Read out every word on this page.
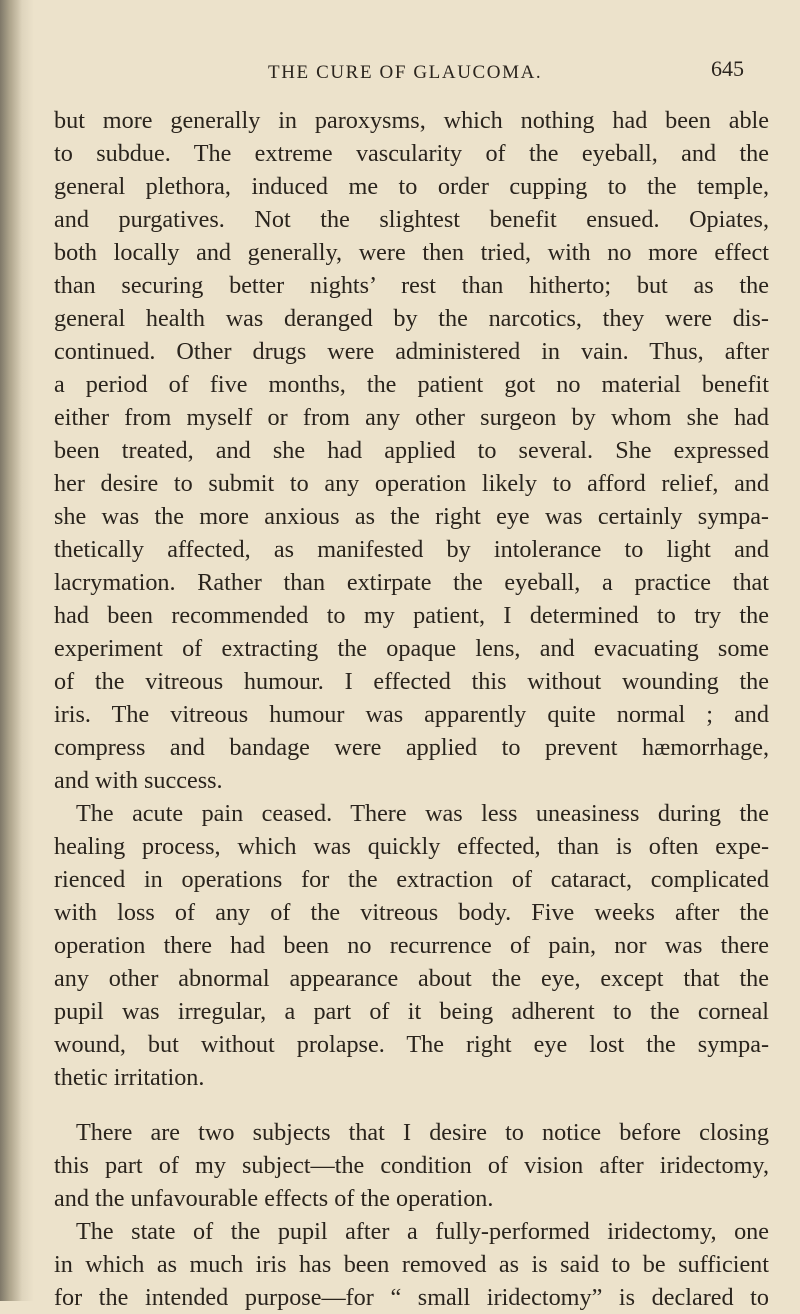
THE CURE OF GLAUCOMA.	645
but more generally in paroxysms, which nothing had been able
to subdue. The extreme vascularity of the eyeball, and the
general plethora, induced me to order cupping to the temple,
and purgatives. Not the slightest benefit ensued. Opiates,
both locally and generally, were then tried, with no more effect
than securing better nights’ rest than hitherto; but as the
general health was deranged by the narcotics, they were dis-
continued. Other drugs were administered in vain. Thus, after
a period of five months, the patient got no material benefit
either from myself or from any other surgeon by whom she had
been treated, and she had applied to several. She expressed
her desire to submit to any operation likely to afford relief, and
she was the more anxious as the right eye was certainly sympa-
thetically affected, as manifested by intolerance to light and
lacrymation. Rather than extirpate the eyeball, a practice that
had been recommended to my patient, I determined to try the
experiment of extracting the opaque lens, and evacuating some
of the vitreous humour. I effected this without wounding the
iris. The vitreous humour was apparently quite normal ; and
compress and bandage were applied to prevent hæmorrhage,
and with success.
The acute pain ceased. There was less uneasiness during the
healing process, which was quickly effected, than is often expe-
rienced in operations for the extraction of cataract, complicated
with loss of any of the vitreous body. Five weeks after the
operation there had been no recurrence of pain, nor was there
any other abnormal appearance about the eye, except that the
pupil was irregular, a part of it being adherent to the corneal
wound, but without prolapse. The right eye lost the sympa-
thetic irritation.
There are two subjects that I desire to notice before closing
this part of my subject—the condition of vision after iridectomy,
and the unfavourable effects of the operation.
The state of the pupil after a fully-performed iridectomy, one
in which as much iris has been removed as is said to be sufficient
for the intended purpose—for “ small iridectomy” is declared to
